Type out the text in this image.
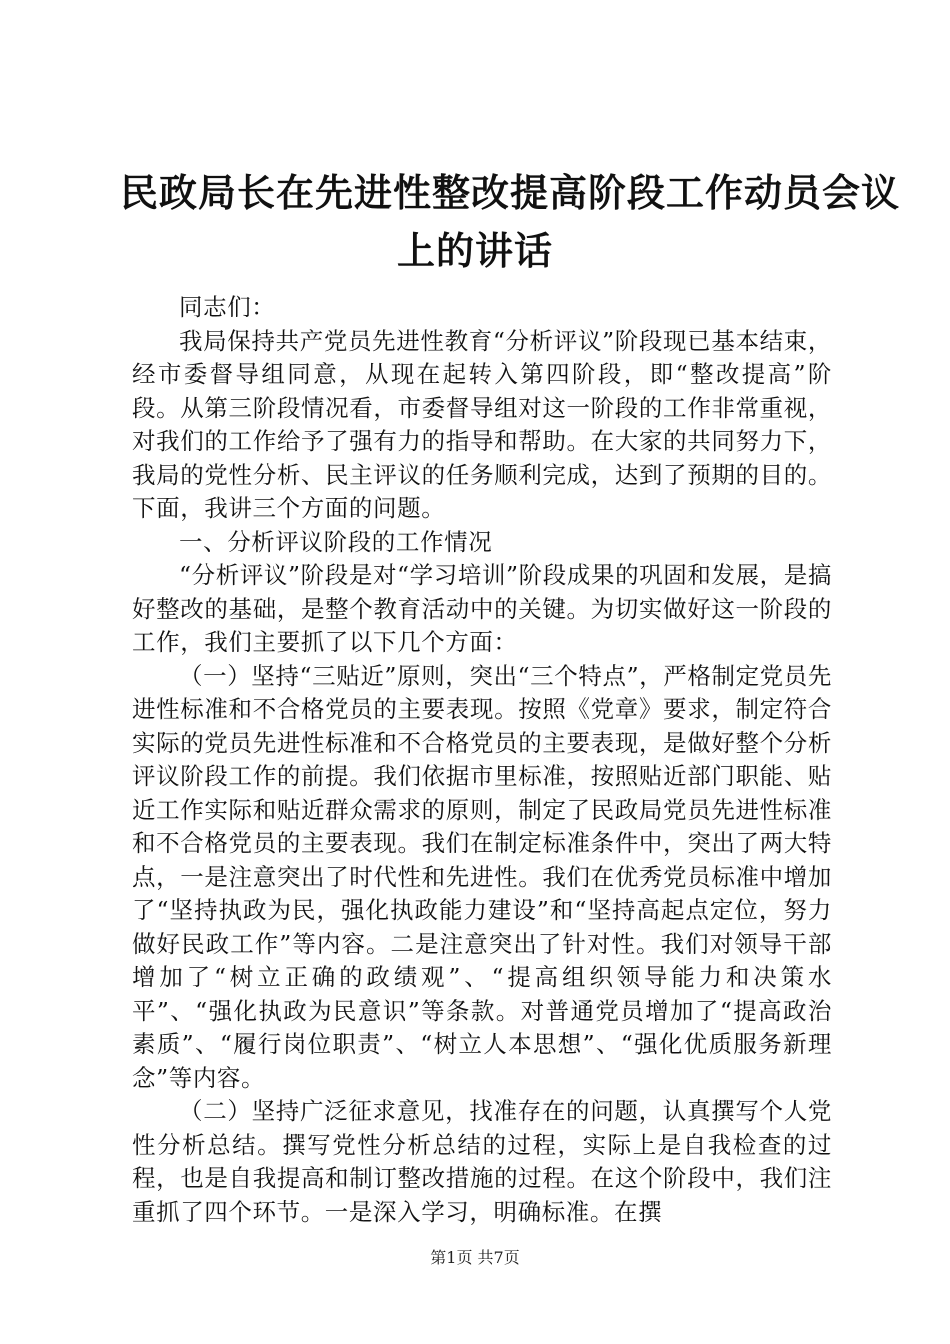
民政局长在先进性整改提高阶段工作动员会议
上的讲话

同志们：

我局保持共产党员先进性教育“分析评议”阶段现已基本结束，经市委督导组同意，从现在起转入第四阶段，即“整改提高”阶段。从第三阶段情况看，市委督导组对这一阶段的工作非常重视，对我们的工作给予了强有力的指导和帮助。在大家的共同努力下，我局的党性分析、民主评议的任务顺利完成，达到了预期的目的。下面，我讲三个方面的问题。

一、分析评议阶段的工作情况

“分析评议”阶段是对“学习培训”阶段成果的巩固和发展，是搞好整改的基础，是整个教育活动中的关键。为切实做好这一阶段的工作，我们主要抓了以下几个方面：

（一）坚持“三贴近”原则，突出“三个特点”，严格制定党员先进性标准和不合格党员的主要表现。按照《党章》要求，制定符合实际的党员先进性标准和不合格党员的主要表现，是做好整个分析评议阶段工作的前提。我们依据市里标准，按照贴近部门职能、贴近工作实际和贴近群众需求的原则，制定了民政局党员先进性标准和不合格党员的主要表现。我们在制定标准条件中，突出了两大特点，一是注意突出了时代性和先进性。我们在优秀党员标准中增加了“坚持执政为民，强化执政能力建设”和“坚持高起点定位，努力做好民政工作”等内容。二是注意突出了针对性。我们对领导干部增加了“树立正确的政绩观”、“提高组织领导能力和决策水平”、“强化执政为民意识”等条款。对普通党员增加了“提高政治素质”、“履行岗位职责”、“树立人本思想”、“强化优质服务新理念”等内容。

（二）坚持广泛征求意见，找准存在的问题，认真撰写个人党性分析总结。撰写党性分析总结的过程，实际上是自我检查的过程，也是自我提高和制订整改措施的过程。在这个阶段中，我们注重抓了四个环节。一是深入学习，明确标准。在撰

第1页 共7页
